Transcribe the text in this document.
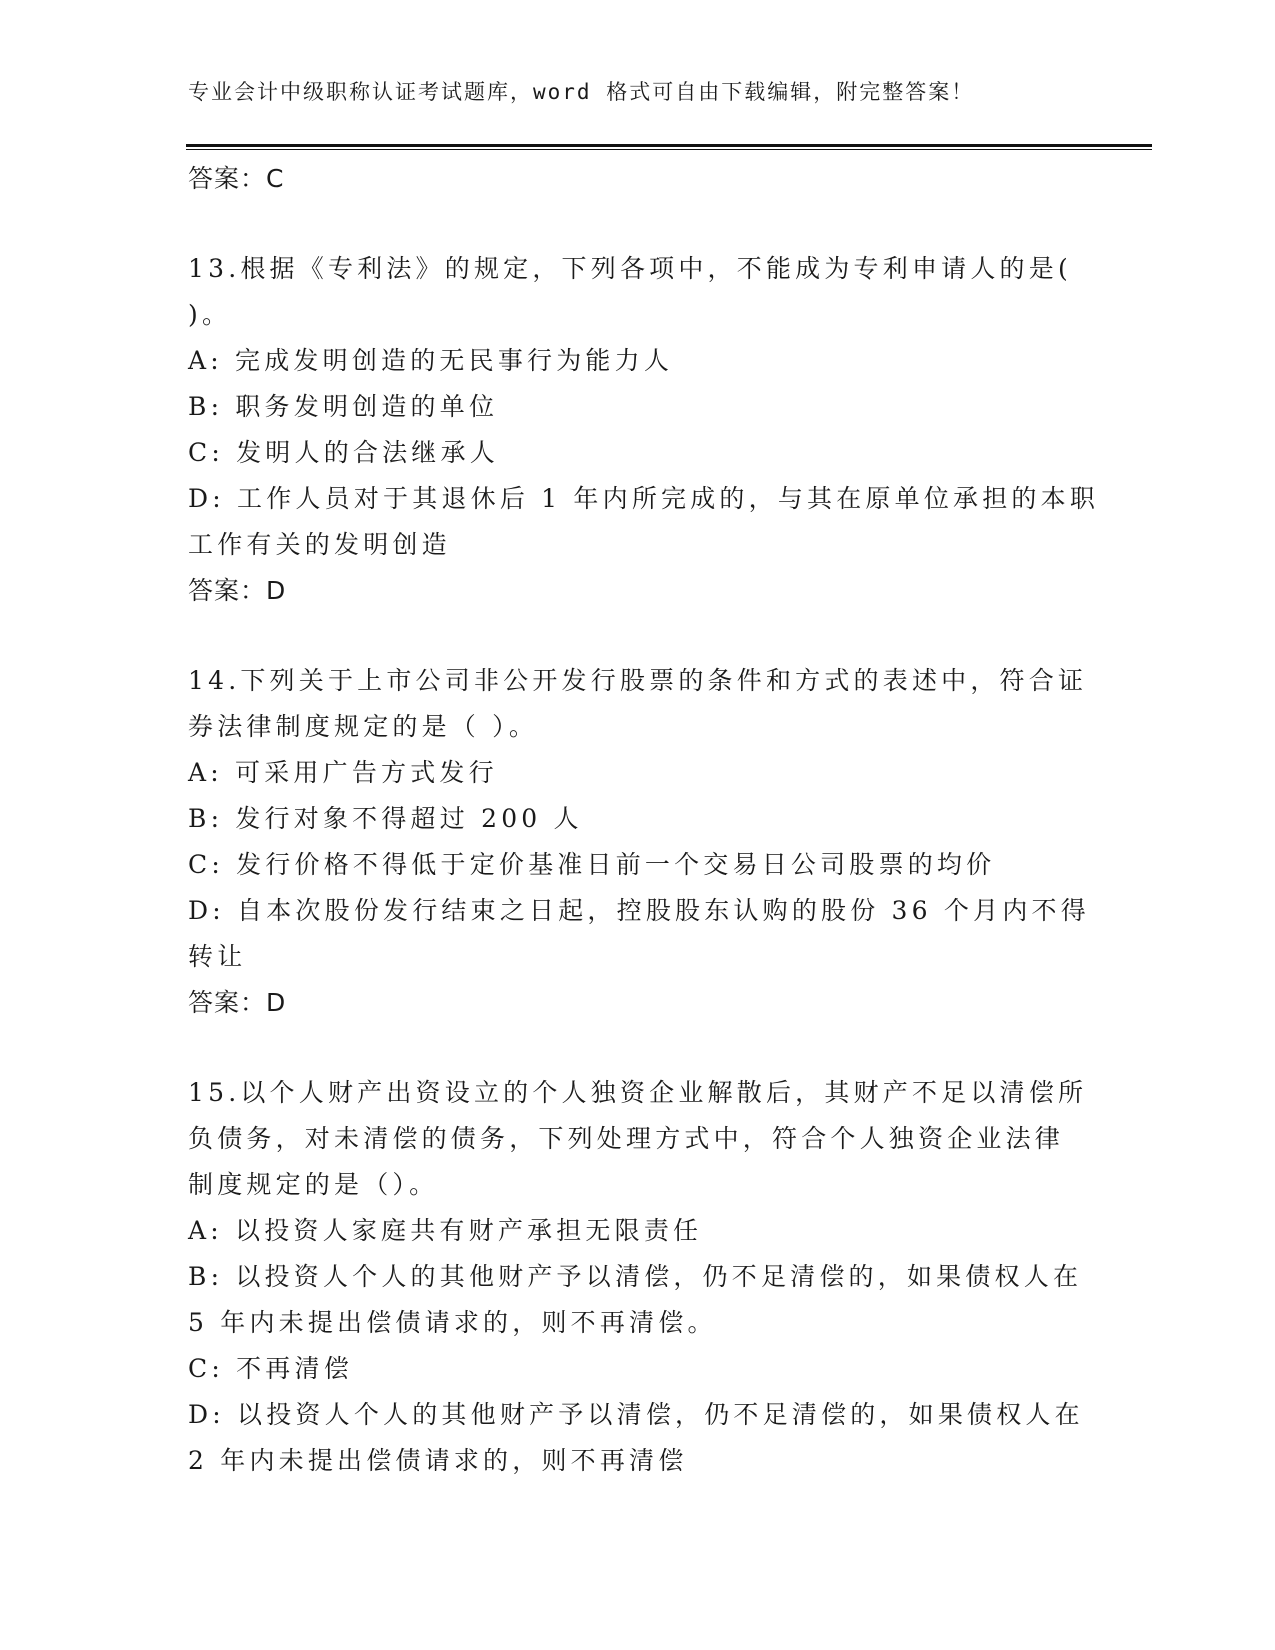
专业会计中级职称认证考试题库，word 格式可自由下载编辑，附完整答案！
答案：C
13.根据《专利法》的规定，下列各项中，不能成为专利申请人的是(
)。
A: 完成发明创造的无民事行为能力人
B: 职务发明创造的单位
C: 发明人的合法继承人
D: 工作人员对于其退休后 1 年内所完成的，与其在原单位承担的本职
工作有关的发明创造
答案：D
14.下列关于上市公司非公开发行股票的条件和方式的表述中，符合证
券法律制度规定的是（ ）。
A: 可采用广告方式发行
B: 发行对象不得超过 200 人
C: 发行价格不得低于定价基准日前一个交易日公司股票的均价
D: 自本次股份发行结束之日起，控股股东认购的股份 36 个月内不得
转让
答案：D
15.以个人财产出资设立的个人独资企业解散后，其财产不足以清偿所
负债务，对未清偿的债务，下列处理方式中，符合个人独资企业法律
制度规定的是（）。
A: 以投资人家庭共有财产承担无限责任
B: 以投资人个人的其他财产予以清偿，仍不足清偿的，如果债权人在
5 年内未提出偿债请求的，则不再清偿。
C: 不再清偿
D: 以投资人个人的其他财产予以清偿，仍不足清偿的，如果债权人在
2 年内未提出偿债请求的，则不再清偿
